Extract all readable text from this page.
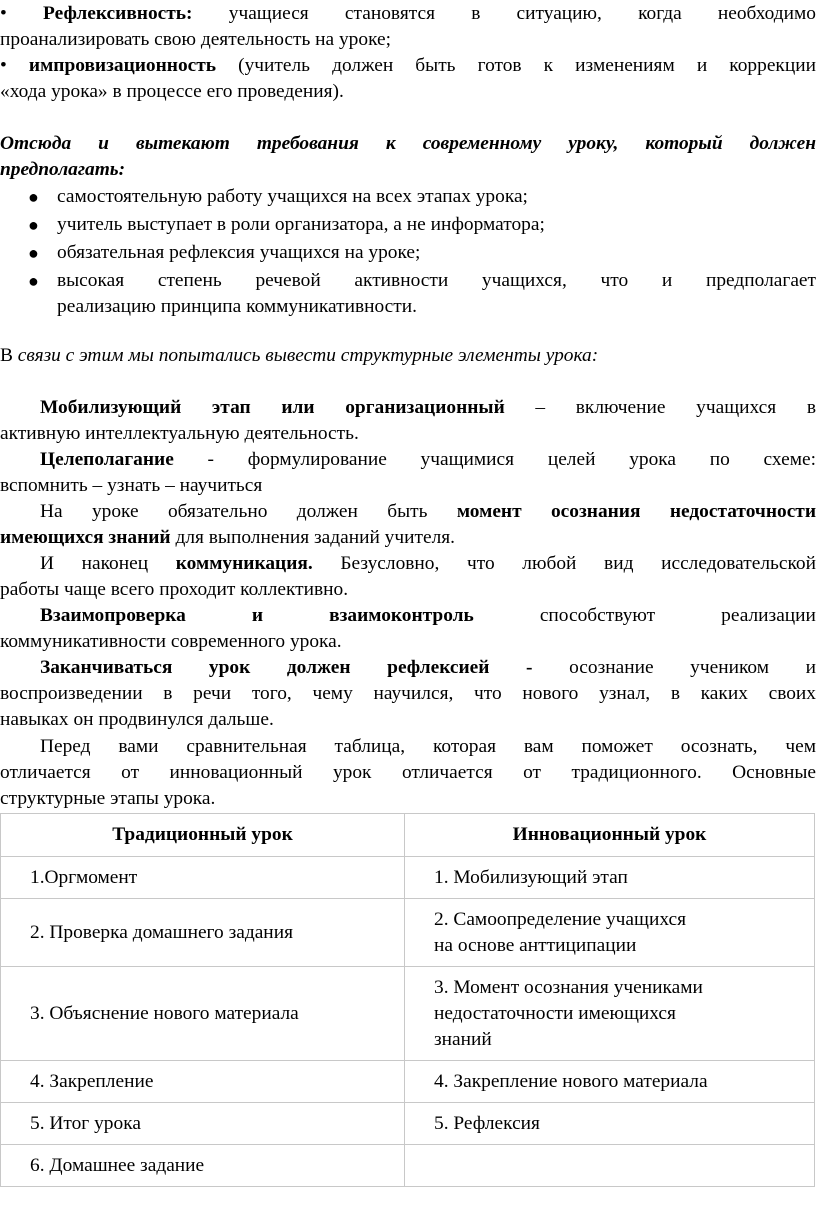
• Рефлексивность: учащиеся становятся в ситуацию, когда необходимо
проанализировать свою деятельность на уроке;
• импровизационность (учитель должен быть готов к изменениям и коррекции
«хода урока» в процессе его проведения).
Отсюда и вытекают требования к современному уроку, который должен
предполагать:
● самостоятельную работу учащихся на всех этапах урока;
● учитель выступает в роли организатора, а не информатора;
● обязательная рефлексия учащихся на уроке;
● высокая степень речевой активности учащихся, что и предполагает
реализацию принципа коммуникативности.
В связи с этим мы попытались вывести структурные элементы урока:
Мобилизующий этап или организационный – включение учащихся в
активную интеллектуальную деятельность.
Целеполагание - формулирование учащимися целей урока по схеме:
вспомнить – узнать – научиться
На уроке обязательно должен быть момент осознания недостаточности
имеющихся знаний для выполнения заданий учителя.
И наконец коммуникация. Безусловно, что любой вид исследовательской
работы чаще всего проходит коллективно.
Взаимопроверка	и	взаимоконтроль	способствуют	реализации
коммуникативности современного урока.
Заканчиваться урок должен рефлексией - осознание учеником и
воспроизведении в речи того, чему научился, что нового узнал, в каких своих
навыках он продвинулся дальше.
Перед вами сравнительная таблица, которая вам поможет осознать, чем
отличается от инновационный урок отличается от традиционного. Основные
структурные этапы урока.
Традиционный урок	Инновационный урок
1.Оргмомент	1. Мобилизующий этап
2. Проверка домашнего задания	2. Самоопределение учащихся
на основе анттиципации

3. Объяснение нового материала	3. Момент осознания учениками
недостаточности имеющихся
знаний

4. Закрепление	4. Закрепление нового материала
5. Итог урока	5. Рефлексия
6. Домашнее задание	
